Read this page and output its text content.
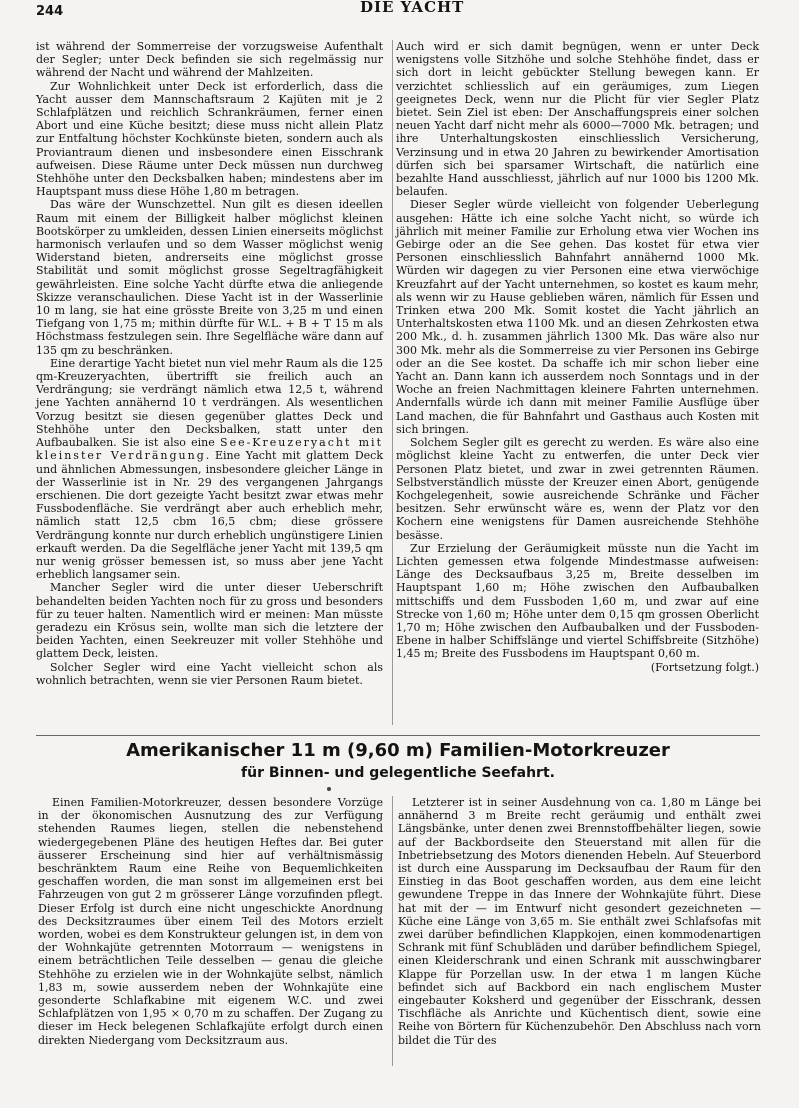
244	DIE YACHT

ist während der Sommerreise der vorzugsweise Aufenthalt der Segler; unter Deck befinden sie sich regelmässig nur während der Nacht und während der Mahlzeiten.

Zur Wohnlichkeit unter Deck ist erforderlich, dass die Yacht ausser dem Mannschaftsraum 2 Kajüten mit je 2 Schlafplätzen und reichlich Schrankräumen, ferner einen Abort und eine Küche besitzt; diese muss nicht allein Platz zur Entfaltung höchster Kochkünste bieten, sondern auch als Proviantraum dienen und insbesondere einen Eisschrank aufweisen. Diese Räume unter Deck müssen nun durchweg Stehhöhe unter den Decksbalken haben; mindestens aber im Hauptspant muss diese Höhe 1,80 m betragen.

Das wäre der Wunschzettel. Nun gilt es diesen ideellen Raum mit einem der Billigkeit halber möglichst kleinen Bootskörper zu umkleiden, dessen Linien einerseits möglichst harmonisch verlaufen und so dem Wasser möglichst wenig Widerstand bieten, andrerseits eine möglichst grosse Stabilität und somit möglichst grosse Segeltragfähigkeit gewährleisten. Eine solche Yacht dürfte etwa die anliegende Skizze veranschaulichen. Diese Yacht ist in der Wasserlinie 10 m lang, sie hat eine grösste Breite von 3,25 m und einen Tiefgang von 1,75 m; mithin dürfte für W.L. + B + T 15 m als Höchstmass festzulegen sein. Ihre Segelfläche wäre dann auf 135 qm zu beschränken.

Eine derartige Yacht bietet nun viel mehr Raum als die 125 qm-Kreuzeryachten, übertrifft sie freilich auch an Verdrängung; sie verdrängt nämlich etwa 12,5 t, während jene Yachten annähernd 10 t verdrängen. Als wesentlichen Vorzug besitzt sie diesen gegenüber glattes Deck und Stehhöhe unter den Decksbalken, statt unter den Aufbaubalken. Sie ist also eine See-Kreuzeryacht mit kleinster Verdrängung. Eine Yacht mit glattem Deck und ähnlichen Abmessungen, insbesondere gleicher Länge in der Wasserlinie ist in Nr. 29 des vergangenen Jahrgangs erschienen. Die dort gezeigte Yacht besitzt zwar etwas mehr Fussbodenfläche. Sie verdrängt aber auch erheblich mehr, nämlich statt 12,5 cbm 16,5 cbm; diese grössere Verdrängung konnte nur durch erheblich ungünstigere Linien erkauft werden. Da die Segelfläche jener Yacht mit 139,5 qm nur wenig grösser bemessen ist, so muss aber jene Yacht erheblich langsamer sein.

Mancher Segler wird die unter dieser Ueberschrift behandelten beiden Yachten noch für zu gross und besonders für zu teuer halten. Namentlich wird er meinen: Man müsste geradezu ein Krösus sein, wollte man sich die letztere der beiden Yachten, einen Seekreuzer mit voller Stehhöhe und glattem Deck, leisten.

Solcher Segler wird eine Yacht vielleicht schon als wohnlich betrachten, wenn sie vier Personen Raum bietet.

Auch wird er sich damit begnügen, wenn er unter Deck wenigstens volle Sitzhöhe und solche Stehhöhe findet, dass er sich dort in leicht gebückter Stellung bewegen kann. Er verzichtet schliesslich auf ein geräumiges, zum Liegen geeignetes Deck, wenn nur die Plicht für vier Segler Platz bietet. Sein Ziel ist eben: Der Anschaffungspreis einer solchen neuen Yacht darf nicht mehr als 6000—7000 Mk. betragen; und ihre Unterhaltungskosten einschliesslich Versicherung, Verzinsung und in etwa 20 Jahren zu bewirkender Amortisation dürfen sich bei sparsamer Wirtschaft, die natürlich eine bezahlte Hand ausschliesst, jährlich auf nur 1000 bis 1200 Mk. belaufen.

Dieser Segler würde vielleicht von folgender Ueberlegung ausgehen: Hätte ich eine solche Yacht nicht, so würde ich jährlich mit meiner Familie zur Erholung etwa vier Wochen ins Gebirge oder an die See gehen. Das kostet für etwa vier Personen einschliesslich Bahnfahrt annähernd 1000 Mk. Würden wir dagegen zu vier Personen eine etwa vierwöchige Kreuzfahrt auf der Yacht unternehmen, so kostet es kaum mehr, als wenn wir zu Hause geblieben wären, nämlich für Essen und Trinken etwa 200 Mk. Somit kostet die Yacht jährlich an Unterhaltskosten etwa 1100 Mk. und an diesen Zehrkosten etwa 200 Mk., d. h. zusammen jährlich 1300 Mk. Das wäre also nur 300 Mk. mehr als die Sommerreise zu vier Personen ins Gebirge oder an die See kostet. Da schaffe ich mir schon lieber eine Yacht an. Dann kann ich ausserdem noch Sonntags und in der Woche an freien Nachmittagen kleinere Fahrten unternehmen. Andernfalls würde ich dann mit meiner Familie Ausflüge über Land machen, die für Bahnfahrt und Gasthaus auch Kosten mit sich bringen.

Solchem Segler gilt es gerecht zu werden. Es wäre also eine möglichst kleine Yacht zu entwerfen, die unter Deck vier Personen Platz bietet, und zwar in zwei getrennten Räumen. Selbstverständlich müsste der Kreuzer einen Abort, genügende Kochgelegenheit, sowie ausreichende Schränke und Fächer besitzen. Sehr erwünscht wäre es, wenn der Platz vor den Kochern eine wenigstens für Damen ausreichende Stehhöhe besässe.

Zur Erzielung der Geräumigkeit müsste nun die Yacht im Lichten gemessen etwa folgende Mindestmasse aufweisen: Länge des Decksaufbaus 3,25 m, Breite desselben im Hauptspant 1,60 m; Höhe zwischen den Aufbaubalken mittschiffs und dem Fussboden 1,60 m, und zwar auf eine Strecke von 1,60 m; Höhe unter dem 0,15 qm grossen Oberlicht 1,70 m; Höhe zwischen den Aufbaubalken und der Fussboden-Ebene in halber Schiffslänge und viertel Schiffsbreite (Sitzhöhe) 1,45 m; Breite des Fussbodens im Hauptspant 0,60 m.

(Fortsetzung folgt.)

Amerikanischer 11 m (9,60 m) Familien-Motorkreuzer
für Binnen- und gelegentliche Seefahrt.

Einen Familien-Motorkreuzer, dessen besondere Vorzüge in der ökonomischen Ausnutzung des zur Verfügung stehenden Raumes liegen, stellen die nebenstehend wiedergegebenen Pläne des heutigen Heftes dar. Bei guter äusserer Erscheinung sind hier auf verhältnismässig beschränktem Raum eine Reihe von Bequemlichkeiten geschaffen worden, die man sonst im allgemeinen erst bei Fahrzeugen von gut 2 m grösserer Länge vorzufinden pflegt. Dieser Erfolg ist durch eine nicht ungeschickte Anordnung des Decksitzraumes über einem Teil des Motors erzielt worden, wobei es dem Konstrukteur gelungen ist, in dem von der Wohnkajüte getrennten Motorraum — wenigstens in einem beträchtlichen Teile desselben — genau die gleiche Stehhöhe zu erzielen wie in der Wohnkajüte selbst, nämlich 1,83 m, sowie ausserdem neben der Wohnkajüte eine gesonderte Schlafkabine mit eigenem W.C. und zwei Schlafplätzen von 1,95 × 0,70 m zu schaffen. Der Zugang zu dieser im Heck belegenen Schlafkajüte erfolgt durch einen direkten Niedergang vom Decksitzraum aus.

Letzterer ist in seiner Ausdehnung von ca. 1,80 m Länge bei annähernd 3 m Breite recht geräumig und enthält zwei Längsbänke, unter denen zwei Brennstoffbehälter liegen, sowie auf der Backbordseite den Steuerstand mit allen für die Inbetriebsetzung des Motors dienenden Hebeln. Auf Steuerbord ist durch eine Aussparung im Decksaufbau der Raum für den Einstieg in das Boot geschaffen worden, aus dem eine leicht gewundene Treppe in das Innere der Wohnkajüte führt. Diese hat mit der — im Entwurf nicht gesondert gezeichneten — Küche eine Länge von 3,65 m. Sie enthält zwei Schlafsofas mit zwei darüber befindlichen Klappkojen, einen kommodenartigen Schrank mit fünf Schubläden und darüber befindlichem Spiegel, einen Kleiderschrank und einen Schrank mit ausschwingbarer Klappe für Porzellan usw. In der etwa 1 m langen Küche befindet sich auf Backbord ein nach englischem Muster eingebauter Koksherd und gegenüber der Eisschrank, dessen Tischfläche als Anrichte und Küchentisch dient, sowie eine Reihe von Börtern für Küchenzubehör. Den Abschluss nach vorn bildet die Tür des
